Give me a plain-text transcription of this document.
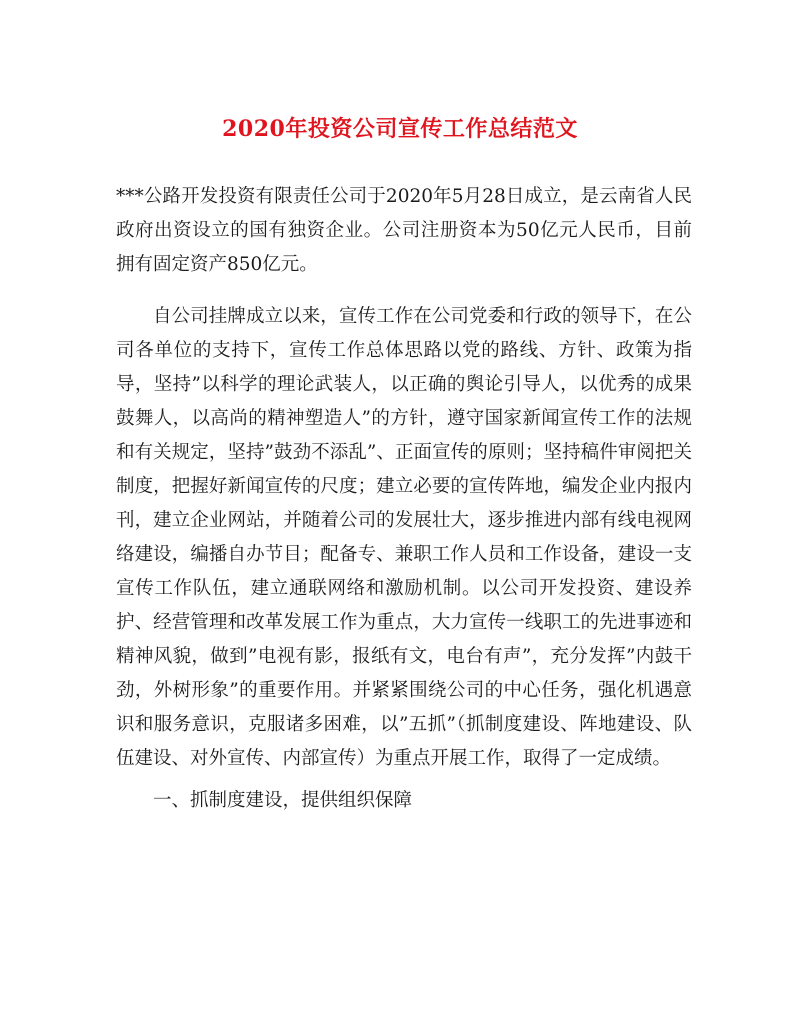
2020年投资公司宣传工作总结范文

***公路开发投资有限责任公司于2020年5月28日成立，是云南省人民政府出资设立的国有独资企业。公司注册资本为50亿元人民币，目前拥有固定资产850亿元。

自公司挂牌成立以来，宣传工作在公司党委和行政的领导下，在公司各单位的支持下，宣传工作总体思路以党的路线、方针、政策为指导，坚持”以科学的理论武装人，以正确的舆论引导人，以优秀的成果鼓舞人，以高尚的精神塑造人”的方针，遵守国家新闻宣传工作的法规和有关规定，坚持”鼓劲不添乱”、正面宣传的原则；坚持稿件审阅把关制度，把握好新闻宣传的尺度；建立必要的宣传阵地，编发企业内报内刊，建立企业网站，并随着公司的发展壮大，逐步推进内部有线电视网络建设，编播自办节目；配备专、兼职工作人员和工作设备，建设一支宣传工作队伍，建立通联网络和激励机制。以公司开发投资、建设养护、经营管理和改革发展工作为重点，大力宣传一线职工的先进事迹和精神风貌，做到”电视有影，报纸有文，电台有声”，充分发挥”内鼓干劲，外树形象”的重要作用。并紧紧围绕公司的中心任务，强化机遇意识和服务意识，克服诸多困难，以”五抓”（抓制度建设、阵地建设、队伍建设、对外宣传、内部宣传）为重点开展工作，取得了一定成绩。

一、抓制度建设，提供组织保障
